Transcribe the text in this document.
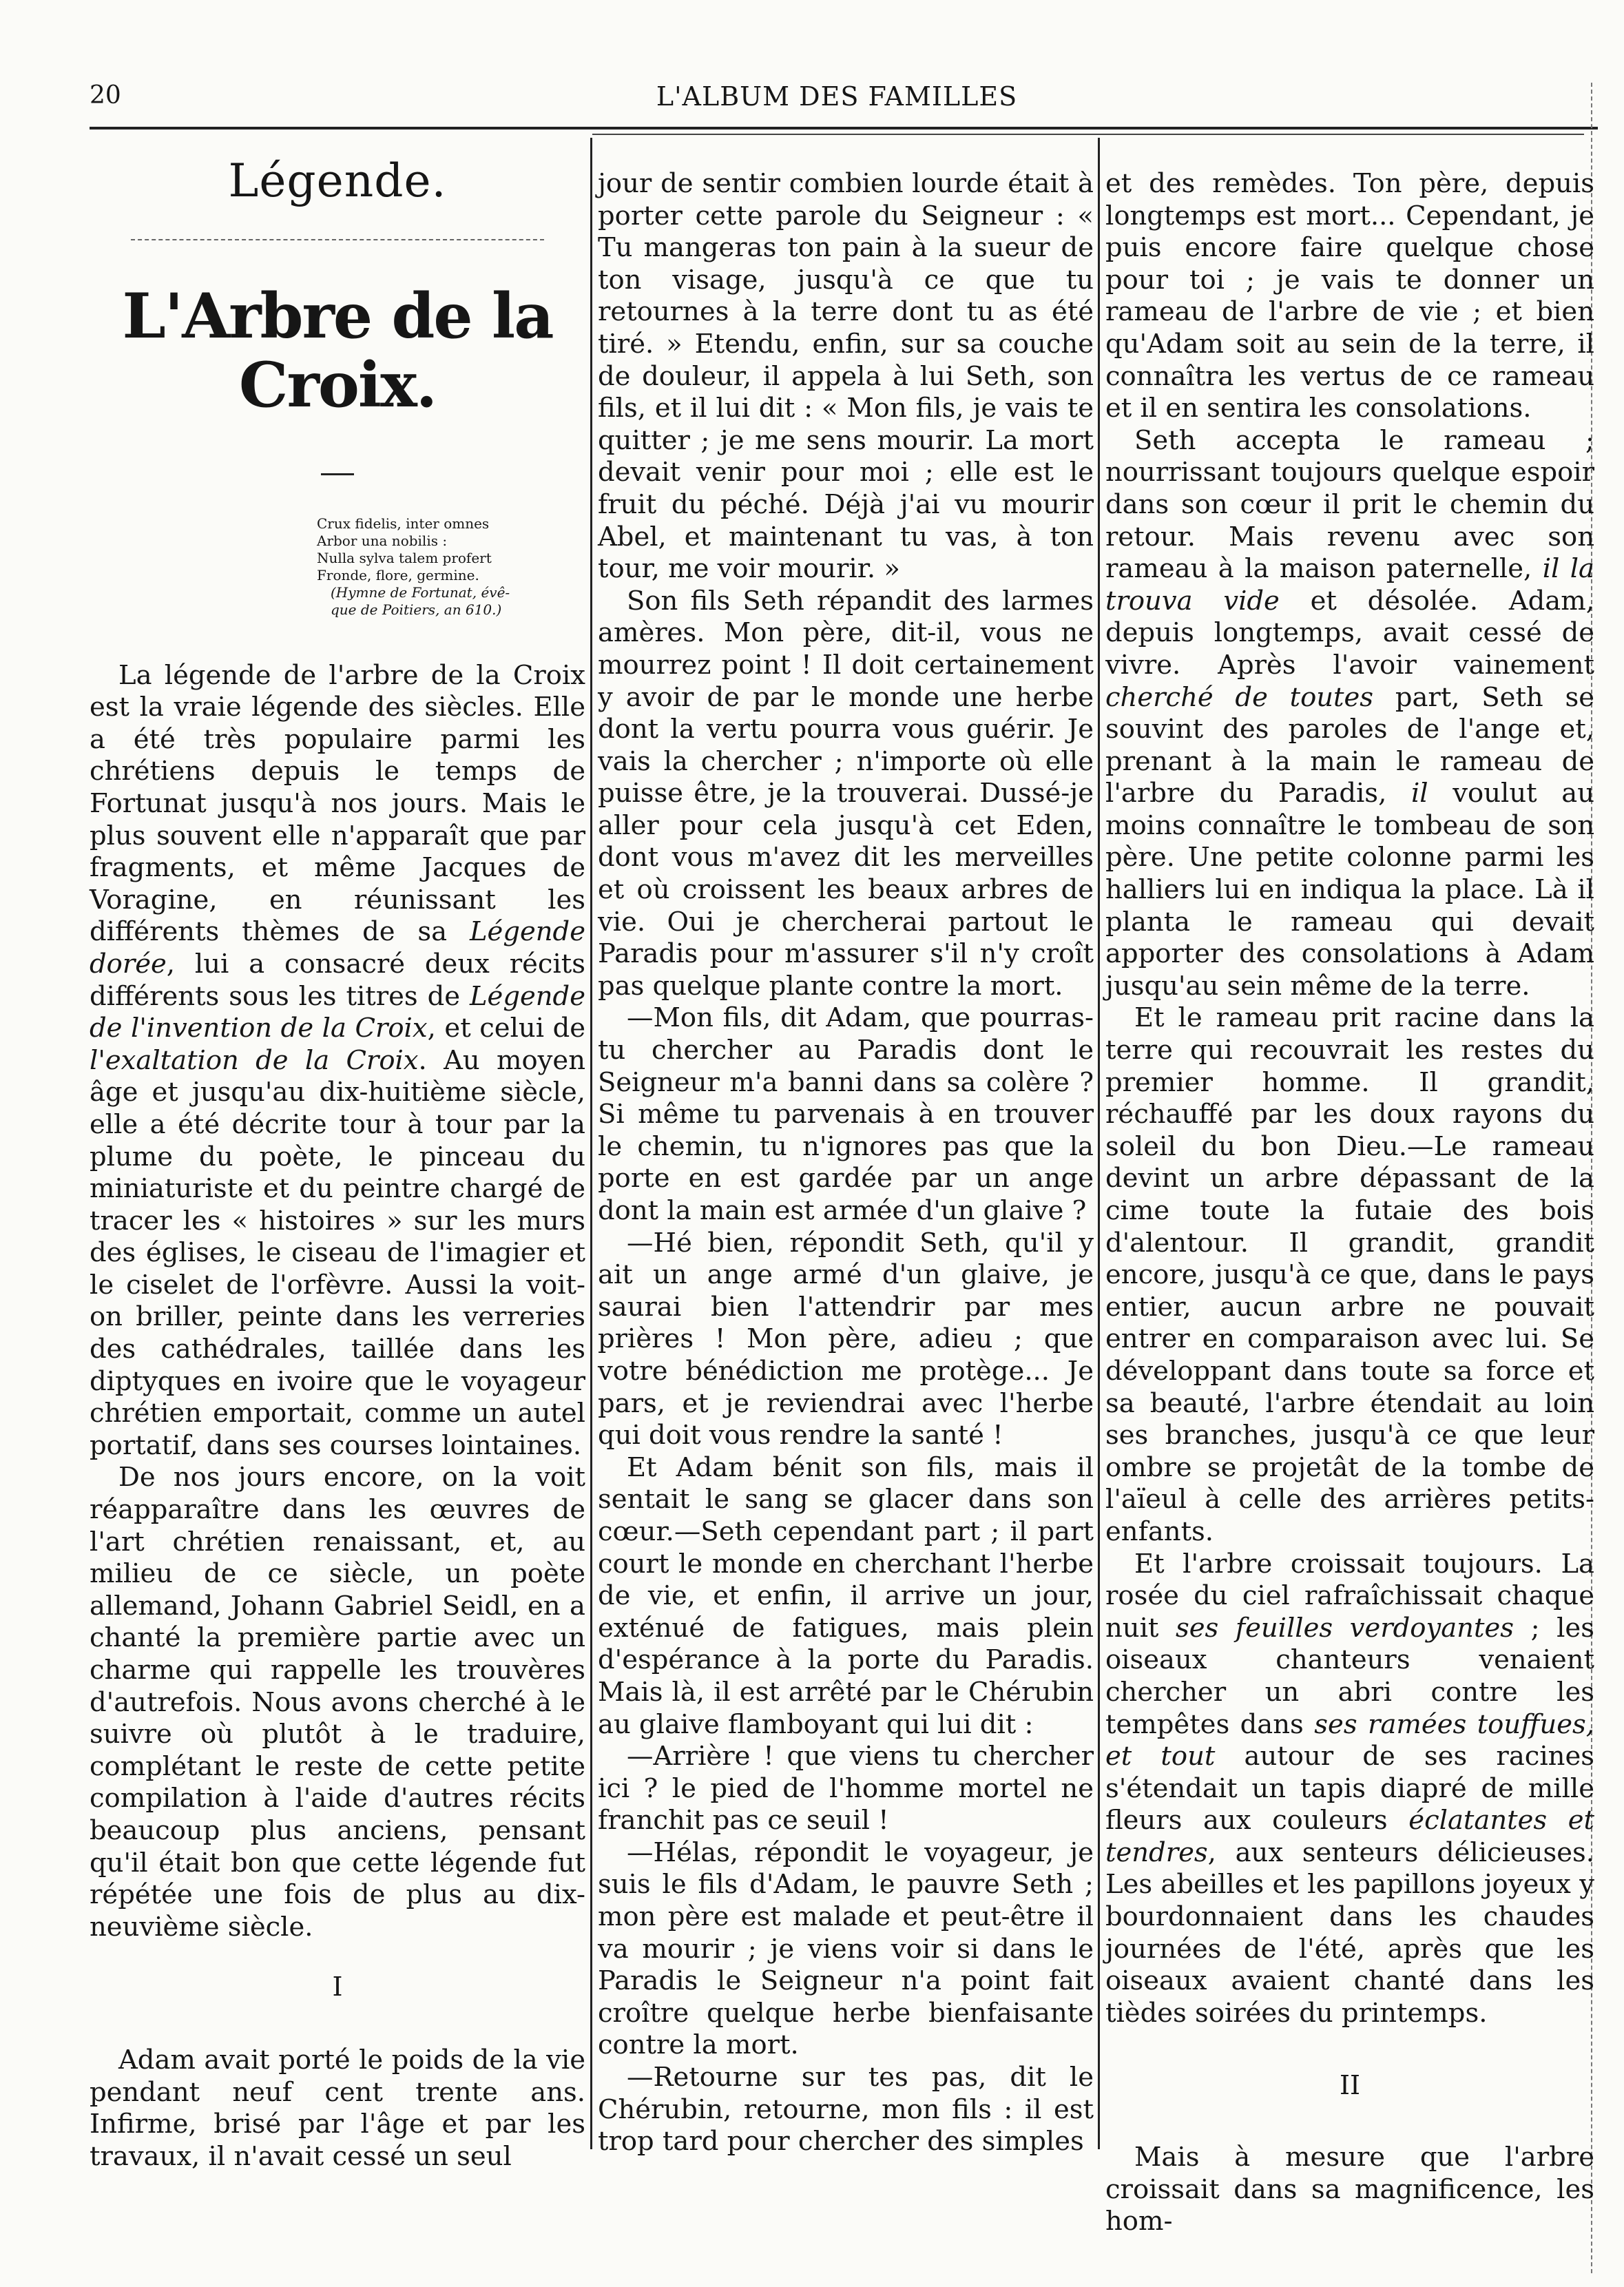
20	L'ALBUM DES FAMILLES
Légende.
L'Arbre de la Croix.
Crux fidelis, inter omnes
Arbor una nobilis :
Nulla sylva talem profert
Fronde, flore, germine.
(Hymne de Fortunat, évê-
que de Poitiers, an 610.)

La légende de l'arbre de la Croix est la vraie légende des siècles. Elle a été très populaire parmi les chrétiens depuis le temps de Fortunat jusqu'à nos jours. Mais le plus souvent elle n'apparaît que par fragments, et même Jacques de Voragine, en réunissant les différents thèmes de sa Légende dorée, lui a consacré deux récits différents sous les titres de Légende de l'invention de la Croix, et celui de l'exaltation de la Croix. Au moyen âge et jusqu'au dix-huitième siècle, elle a été décrite tour à tour par la plume du poète, le pinceau du miniaturiste et du peintre chargé de tracer les « histoires » sur les murs des églises, le ciseau de l'imagier et le ciselet de l'orfèvre. Aussi la voit-on briller, peinte dans les verreries des cathédrales, taillée dans les diptyques en ivoire que le voyageur chrétien emportait, comme un autel portatif, dans ses courses lointaines.

De nos jours encore, on la voit réapparaître dans les œuvres de l'art chrétien renaissant, et, au milieu de ce siècle, un poète allemand, Johann Gabriel Seidl, en a chanté la première partie avec un charme qui rappelle les trouvères d'autrefois. Nous avons cherché à le suivre où plutôt à le traduire, complétant le reste de cette petite compilation à l'aide d'autres récits beaucoup plus anciens, pensant qu'il était bon que cette légende fut répétée une fois de plus au dix-neuvième siècle.

I

Adam avait porté le poids de la vie pendant neuf cent trente ans. Infirme, brisé par l'âge et par les travaux, il n'avait cessé un seul

jour de sentir combien lourde était à porter cette parole du Seigneur : « Tu mangeras ton pain à la sueur de ton visage, jusqu'à ce que tu retournes à la terre dont tu as été tiré. » Etendu, enfin, sur sa couche de douleur, il appela à lui Seth, son fils, et il lui dit : « Mon fils, je vais te quitter ; je me sens mourir. La mort devait venir pour moi ; elle est le fruit du péché. Déjà j'ai vu mourir Abel, et maintenant tu vas, à ton tour, me voir mourir. »

Son fils Seth répandit des larmes amères. Mon père, dit-il, vous ne mourrez point ! Il doit certainement y avoir de par le monde une herbe dont la vertu pourra vous guérir. Je vais la chercher ; n'importe où elle puisse être, je la trouverai. Dussé-je aller pour cela jusqu'à cet Eden, dont vous m'avez dit les merveilles et où croissent les beaux arbres de vie. Oui je chercherai partout le Paradis pour m'assurer s'il n'y croît pas quelque plante contre la mort.

—Mon fils, dit Adam, que pourras-tu chercher au Paradis dont le Seigneur m'a banni dans sa colère ? Si même tu parvenais à en trouver le chemin, tu n'ignores pas que la porte en est gardée par un ange dont la main est armée d'un glaive ?

—Hé bien, répondit Seth, qu'il y ait un ange armé d'un glaive, je saurai bien l'attendrir par mes prières ! Mon père, adieu ; que votre bénédiction me protège... Je pars, et je reviendrai avec l'herbe qui doit vous rendre la santé !

Et Adam bénit son fils, mais il sentait le sang se glacer dans son cœur.—Seth cependant part ; il part court le monde en cherchant l'herbe de vie, et enfin, il arrive un jour, exténué de fatigues, mais plein d'espérance à la porte du Paradis. Mais là, il est arrêté par le Chérubin au glaive flamboyant qui lui dit :

—Arrière ! que viens tu chercher ici ? le pied de l'homme mortel ne franchit pas ce seuil !

—Hélas, répondit le voyageur, je suis le fils d'Adam, le pauvre Seth ; mon père est malade et peut-être il va mourir ; je viens voir si dans le Paradis le Seigneur n'a point fait croître quelque herbe bienfaisante contre la mort.

—Retourne sur tes pas, dit le Chérubin, retourne, mon fils : il est trop tard pour chercher des simples

et des remèdes. Ton père, depuis longtemps est mort... Cependant, je puis encore faire quelque chose pour toi ; je vais te donner un rameau de l'arbre de vie ; et bien qu'Adam soit au sein de la terre, il connaîtra les vertus de ce rameau et il en sentira les consolations.

Seth accepta le rameau ; nourrissant toujours quelque espoir dans son cœur il prit le chemin du retour. Mais revenu avec son rameau à la maison paternelle, il la trouva vide et désolée. Adam, depuis longtemps, avait cessé de vivre. Après l'avoir vainement cherché de toutes part, Seth se souvint des paroles de l'ange et, prenant à la main le rameau de l'arbre du Paradis, il voulut au moins connaître le tombeau de son père. Une petite colonne parmi les halliers lui en indiqua la place. Là il planta le rameau qui devait apporter des consolations à Adam jusqu'au sein même de la terre.

Et le rameau prit racine dans la terre qui recouvrait les restes du premier homme. Il grandit, réchauffé par les doux rayons du soleil du bon Dieu.—Le rameau devint un arbre dépassant de la cime toute la futaie des bois d'alentour. Il grandit, grandit encore, jusqu'à ce que, dans le pays entier, aucun arbre ne pouvait entrer en comparaison avec lui. Se développant dans toute sa force et sa beauté, l'arbre étendait au loin ses branches, jusqu'à ce que leur ombre se projetât de la tombe de l'aïeul à celle des arrières petits-enfants.

Et l'arbre croissait toujours. La rosée du ciel rafraîchissait chaque nuit ses feuilles verdoyantes ; les oiseaux chanteurs venaient chercher un abri contre les tempêtes dans ses ramées touffues, et tout autour de ses racines s'étendait un tapis diapré de mille fleurs aux couleurs éclatantes et tendres, aux senteurs délicieuses. Les abeilles et les papillons joyeux y bourdonnaient dans les chaudes journées de l'été, après que les oiseaux avaient chanté dans les tièdes soirées du printemps.

II

Mais à mesure que l'arbre croissait dans sa magnificence, les hom-
